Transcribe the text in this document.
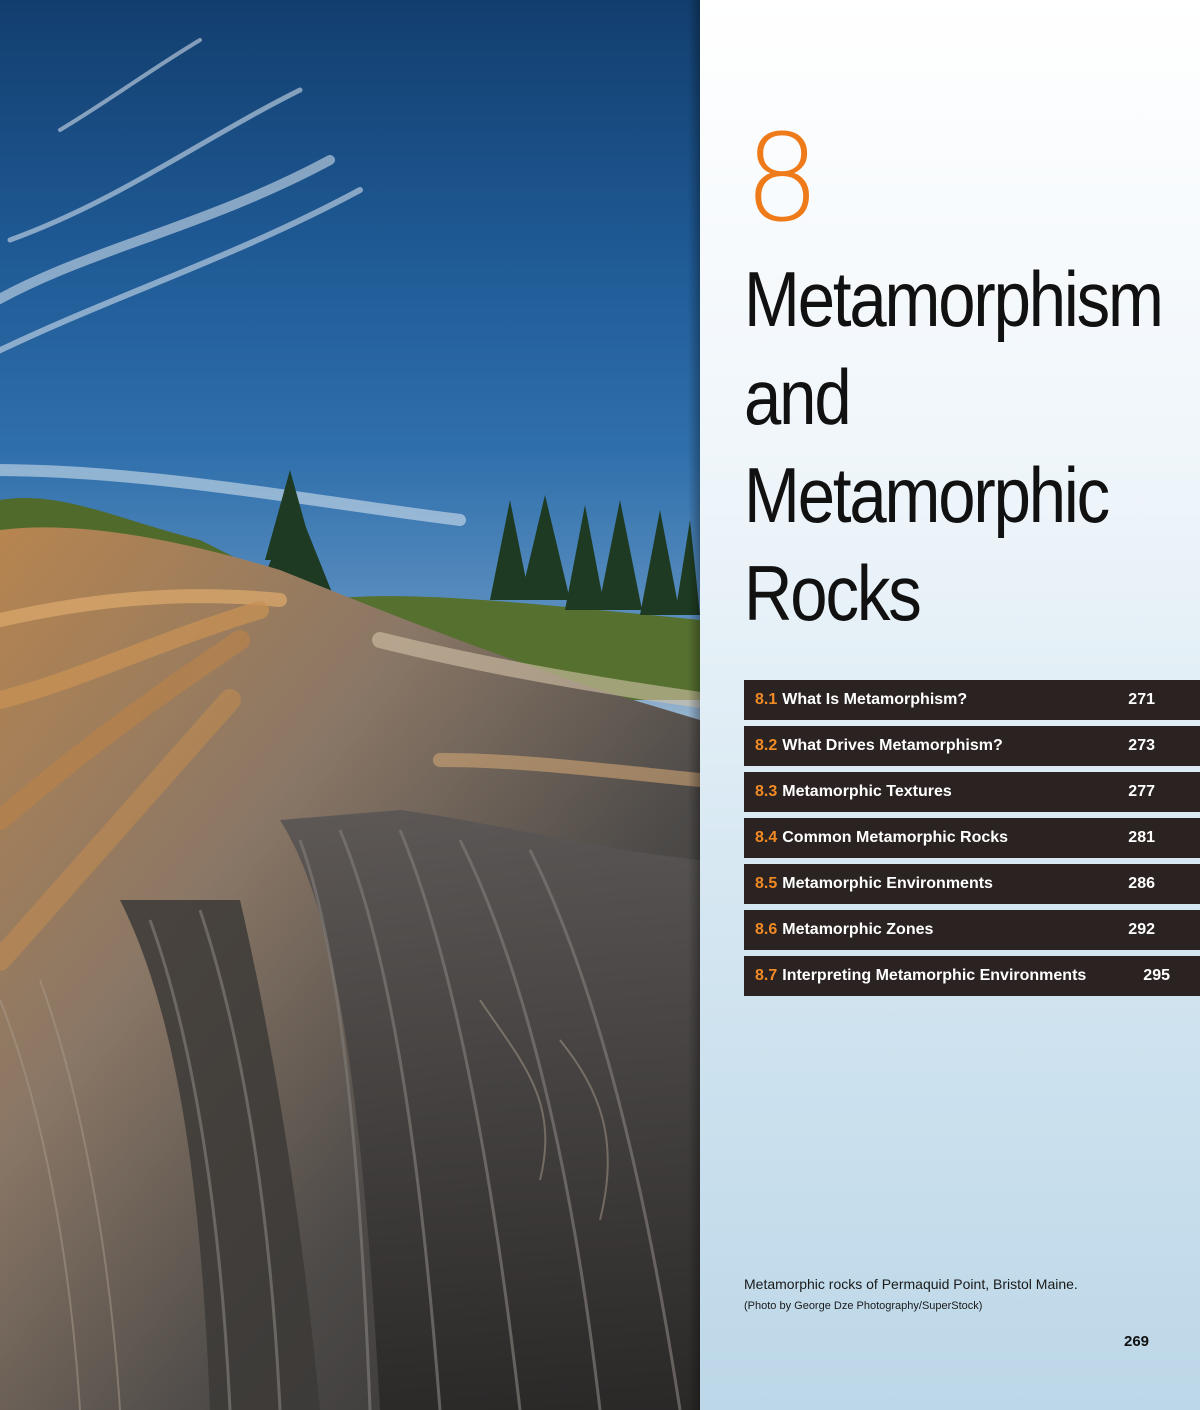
8
Metamorphism
and
Metamorphic
Rocks
8.1 What Is Metamorphism?	271
8.2 What Drives Metamorphism?	273
8.3 Metamorphic Textures	277
8.4 Common Metamorphic Rocks	281
8.5 Metamorphic Environments	286
8.6 Metamorphic Zones	292
8.7 Interpreting Metamorphic Environments	295
Metamorphic rocks of Permaquid Point, Bristol Maine.
(Photo by George Dze Photography/SuperStock)
269
